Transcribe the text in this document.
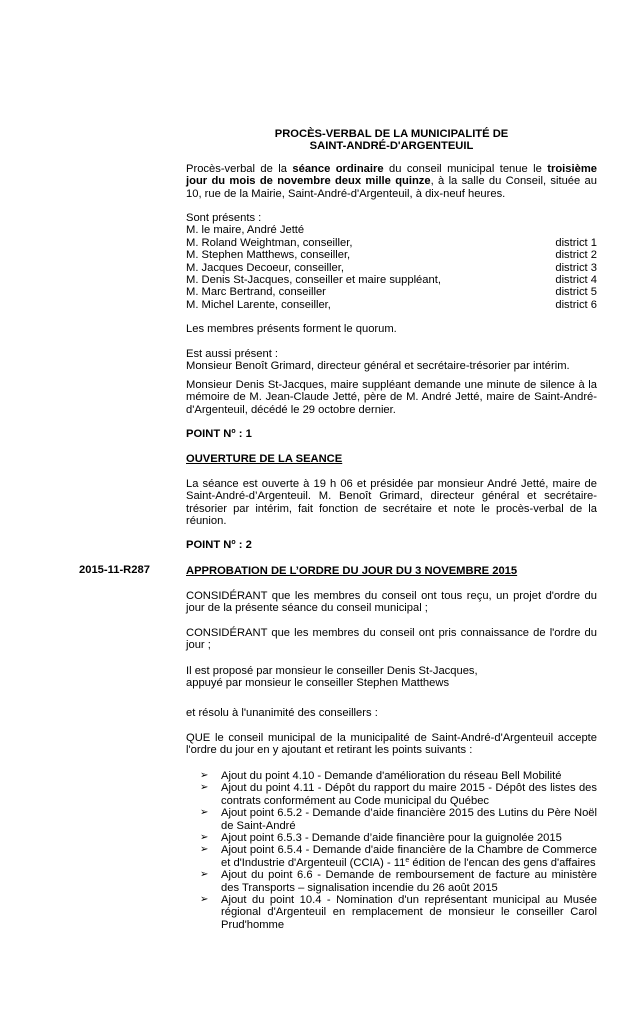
PROCÈS-VERBAL DE LA MUNICIPALITÉ DE
SAINT-ANDRÉ-D'ARGENTEUIL
Procès-verbal de la séance ordinaire du conseil municipal tenue le troisième jour du mois de novembre deux mille quinze, à la salle du Conseil, située au 10, rue de la Mairie, Saint-André-d'Argenteuil, à dix-neuf heures.
Sont présents :
M. le maire, André Jetté
M. Roland Weightman, conseiller,	district 1
M. Stephen Matthews, conseiller,	district 2
M. Jacques Decoeur, conseiller,	district 3
M. Denis St-Jacques, conseiller et maire suppléant,	district 4
M. Marc Bertrand, conseiller	district 5
M. Michel Larente, conseiller,	district 6
Les membres présents forment le quorum.
Est aussi présent :
Monsieur Benoît Grimard, directeur général et secrétaire-trésorier par intérim.
Monsieur Denis St-Jacques, maire suppléant demande une minute de silence à la mémoire de M. Jean-Claude Jetté, père de M. André Jetté, maire de Saint-André-d'Argenteuil, décédé le 29 octobre dernier.
POINT $N^o$ : 1
OUVERTURE DE LA SEANCE
La séance est ouverte à 19 h 06 et présidée par monsieur André Jetté, maire de Saint-André-d’Argenteuil. M. Benoît Grimard, directeur général et secrétaire-trésorier par intérim, fait fonction de secrétaire et note le procès-verbal de la réunion.
POINT $N^o$ : 2
2015-11-R287	APPROBATION DE L’ORDRE DU JOUR DU 3 NOVEMBRE 2015
CONSIDÉRANT que les membres du conseil ont tous reçu, un projet d'ordre du jour de la présente séance du conseil municipal ;
CONSIDÉRANT que les membres du conseil ont pris connaissance de l'ordre du jour ;
Il est proposé par monsieur le conseiller Denis St-Jacques,
appuyé par monsieur le conseiller Stephen Matthews
et résolu à l'unanimité des conseillers :
QUE le conseil municipal de la municipalité de Saint-André-d'Argenteuil accepte l'ordre du jour en y ajoutant et retirant les points suivants :
➢ Ajout du point 4.10 - Demande d'amélioration du réseau Bell Mobilité
➢ Ajout du point 4.11 - Dépôt du rapport du maire 2015 - Dépôt des listes des contrats conformément au Code municipal du Québec
➢ Ajout point 6.5.2 - Demande d’aide financière 2015 des Lutins du Père Noël de Saint-André
➢ Ajout point 6.5.3 - Demande d’aide financière pour la guignolée 2015
➢ Ajout point 6.5.4 - Demande d'aide financière de la Chambre de Commerce et d'Industrie d'Argenteuil (CCIA) - 11e édition de l'encan des gens d'affaires
➢ Ajout du point 6.6 - Demande de remboursement de facture au ministère des Transports – signalisation incendie du 26 août 2015
➢ Ajout du point 10.4 - Nomination d'un représentant municipal au Musée régional d'Argenteuil en remplacement de monsieur le conseiller Carol Prud'homme
